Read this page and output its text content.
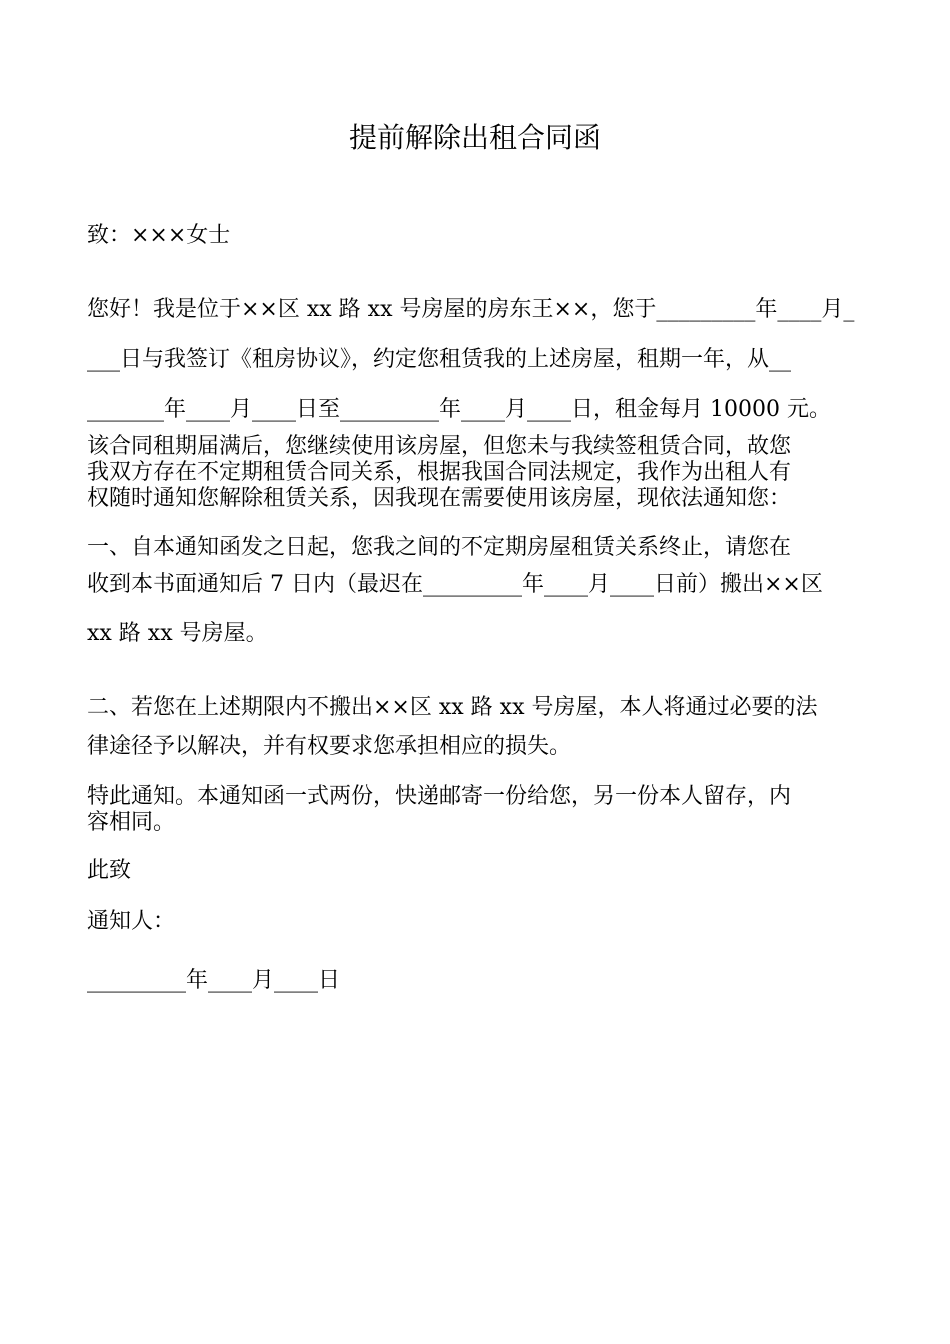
提前解除出租合同函
致：×××女士
您好！我是位于××区 xx 路 xx 号房屋的房东王××，您于_________年____月_
___日与我签订《租房协议》，约定您租赁我的上述房屋，租期一年，从__
_______年____月____日至_________年____月____日，租金每月 10000 元。
该合同租期届满后，您继续使用该房屋，但您未与我续签租赁合同，故您
我双方存在不定期租赁合同关系，根据我国合同法规定，我作为出租人有
权随时通知您解除租赁关系，因我现在需要使用该房屋，现依法通知您：
一、自本通知函发之日起，您我之间的不定期房屋租赁关系终止，请您在
收到本书面通知后 7 日内（最迟在_________年____月____日前）搬出××区
xx 路 xx 号房屋。
二、若您在上述期限内不搬出××区 xx 路 xx 号房屋，本人将通过必要的法
律途径予以解决，并有权要求您承担相应的损失。
特此通知。本通知函一式两份，快递邮寄一份给您，另一份本人留存，内
容相同。
此致
通知人：
_________年____月____日
